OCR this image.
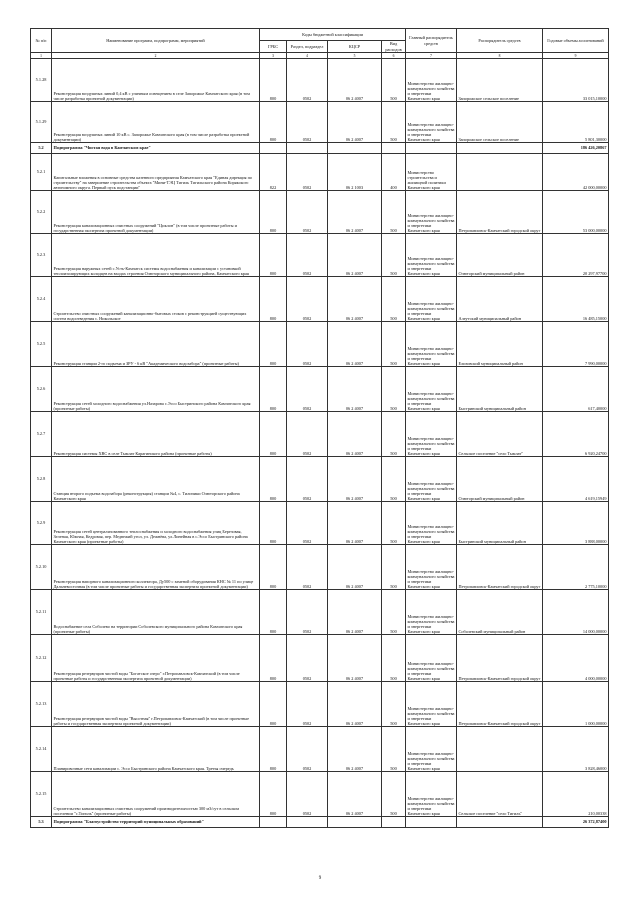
№ п/п	Наименование программ, подпрограмм, мероприятий	Коды бюджетной классификации				Главный распорядитель средств	Распорядитель средств	Годовые объемы ассигнований
		ГРБС	Раздел, подраздел	КЦСР	Вид расходов			
1	2	3	4	5	6	7	8	9
5.1.28	Реконструкция воздушных линий 0,4 кВ с уличным освещением в селе Запорожье Камчатского края (в том числе разработка проектной документации)	800	0502	06 2 4007	500	Министерство жилищно-коммунального хозяйства и энергетики Камчатского края	Запорожское сельское поселение	33 015,10000
5.1.29	Реконструкция воздушных линий 10 кВ с. Запорожье Камчатского края (в том числе разработка проектной документации)	800	0502	06 2 4007	500	Министерство жилищно-коммунального хозяйства и энергетики Камчатского края	Запорожское сельское поселение	5 801,30000
5.2	Подпрограмма "Чистая вода в Камчатском крае"							186 426,20867
5.2.1	Капитальные вложения в основные средства казенного предприятия Камчатского края "Единая дирекция по строительству" на завершение строительства объекта "Мини-ТЭЦ Тигиль Тигильского района Корякского автономного округа. Первый пуск подстанции"	822	0502	06 2 1003	400	Министерство строительства и жилищной политики Камчатского края		42 000,00000
5.2.2	Реконструкция канализационных очистных сооружений "Циклон" (в том числе проектные работы и государственная экспертиза проектной документации)	800	0502	06 2 4007	500	Министерство жилищно-коммунального хозяйства и энергетики Камчатского края	Петропавловск-Камчатский городской округ	53 000,00000
5.2.3	Реконструкция наружных сетей с.Усть-Камчатск системы водоснабжения и канализации с установкой теплоизолирующих колодцев на входах строения Олюторского муниципального района, Камчатского края	800	0502	06 2 4007	500	Министерство жилищно-коммунального хозяйства и энергетики Камчатского края	Олюторский муниципальный район	20 297,97700
5.2.4	Строительство очистных сооружений канализационно-бытовых стоков с реконструкцией существующих систем водоотведения с. Никольское	800	0502	06 2 4007	500	Министерство жилищно-коммунального хозяйства и энергетики Камчатского края	Алеутский муниципальный район	16 485,15000
5.2.5	Реконструкция станции 2-го подъема и ЗРУ - 6 кВ "Академического водозабора" (проектные работы)	800	0502	06 2 4007	500	Министерство жилищно-коммунального хозяйства и энергетики Камчатского края	Елизовский муниципальный район	7 990,00000
5.2.6	Реконструкция сетей холодного водоснабжения ул.Назарова с.Эссо Быстринского района Камчатского края (проектные работы)	800	0502	06 2 4007	500	Министерство жилищно-коммунального хозяйства и энергетики Камчатского края	Быстринский муниципальный район	617,40000
5.2.7	Реконструкция системы ХВС в селе Тымлат Карагинского района (проектные работы)	800	0502	06 2 4007	500	Министерство жилищно-коммунального хозяйства и энергетики Камчатского края	Сельское поселение "село Тымлат"	6 920,24700
5.2.8	Станция второго подъема водозабора (реконструкция) станции №4, с. Тиличики Олюторского района Камчатского края	800	0502	06 2 4007	500	Министерство жилищно-коммунального хозяйства и энергетики Камчатского края	Олюторский муниципальный район	4 619,15949
5.2.9	Реконструкция сетей централизованного теплоснабжения и холодного водоснабжения улиц Березовая, Зеленая, Южная, Кедровая, пер. Медвежий угол, ул. Дежнёва, ул.Линейная в с.Эссо Быстринского района Камчатского края (проектные работы)	800	0502	06 2 4007	500	Министерство жилищно-коммунального хозяйства и энергетики Камчатского края	Быстринский муниципальный район	3 888,00000
5.2.10	Реконструкция напорного канализационного коллектора, Ду500 с заменой оборудования КНС № 11 по улице Дальневосточная (в том числе проектные работы и государственная экспертиза проектной документации)	800	0502	06 2 4007	500	Министерство жилищно-коммунального хозяйства и энергетики Камчатского края	Петропавловск-Камчатский городской округ	2 775,10000
5.2.11	Водоснабжение села Соболево на территории Соболевского муниципального района Камчатского края (проектные работы)	800	0502	06 2 4007	500	Министерство жилищно-коммунального хозяйства и энергетики Камчатского края	Соболевский муниципальный район	14 000,00000
5.2.12	Реконструкция резервуаров чистой воды "Богатское озеро" г.Петропавловск-Камчатский (в том числе проектные работы и государственная экспертиза проектной документации)	800	0502	06 2 4007	500	Министерство жилищно-коммунального хозяйства и энергетики Камчатского края	Петропавловск-Камчатский городской округ	4 000,00000
5.2.13	Реконструкция резервуаров чистой воды "Высотная" г.Петропавловск-Камчатский (в том числе проектные работы и государственная экспертиза проектной документации)	800	0502	06 2 4007	500	Министерство жилищно-коммунального хозяйства и энергетики Камчатского края	Петропавловск-Камчатский городской округ	1 000,00000
5.2.14	Планировочные сети канализации с. Эссо Быстринского района Камчатского края. Третья очередь	800	0502	06 2 4007	500	Министерство жилищно-коммунального хозяйства и энергетики Камчатского края		3 828,46000
5.2.15	Строительство канализационных очистных сооружений производительностью 300 м3/сут в сельском поселении "с.Тигиль" (проектные работы)	800	0502	06 2 4007	500	Министерство жилищно-коммунального хозяйства и энергетики Камчатского края	Сельское поселение "село Тигиль"	210,00338
5.3	Подпрограмма "Благоустройство территорий муниципальных образований"							26 372,87400
9
